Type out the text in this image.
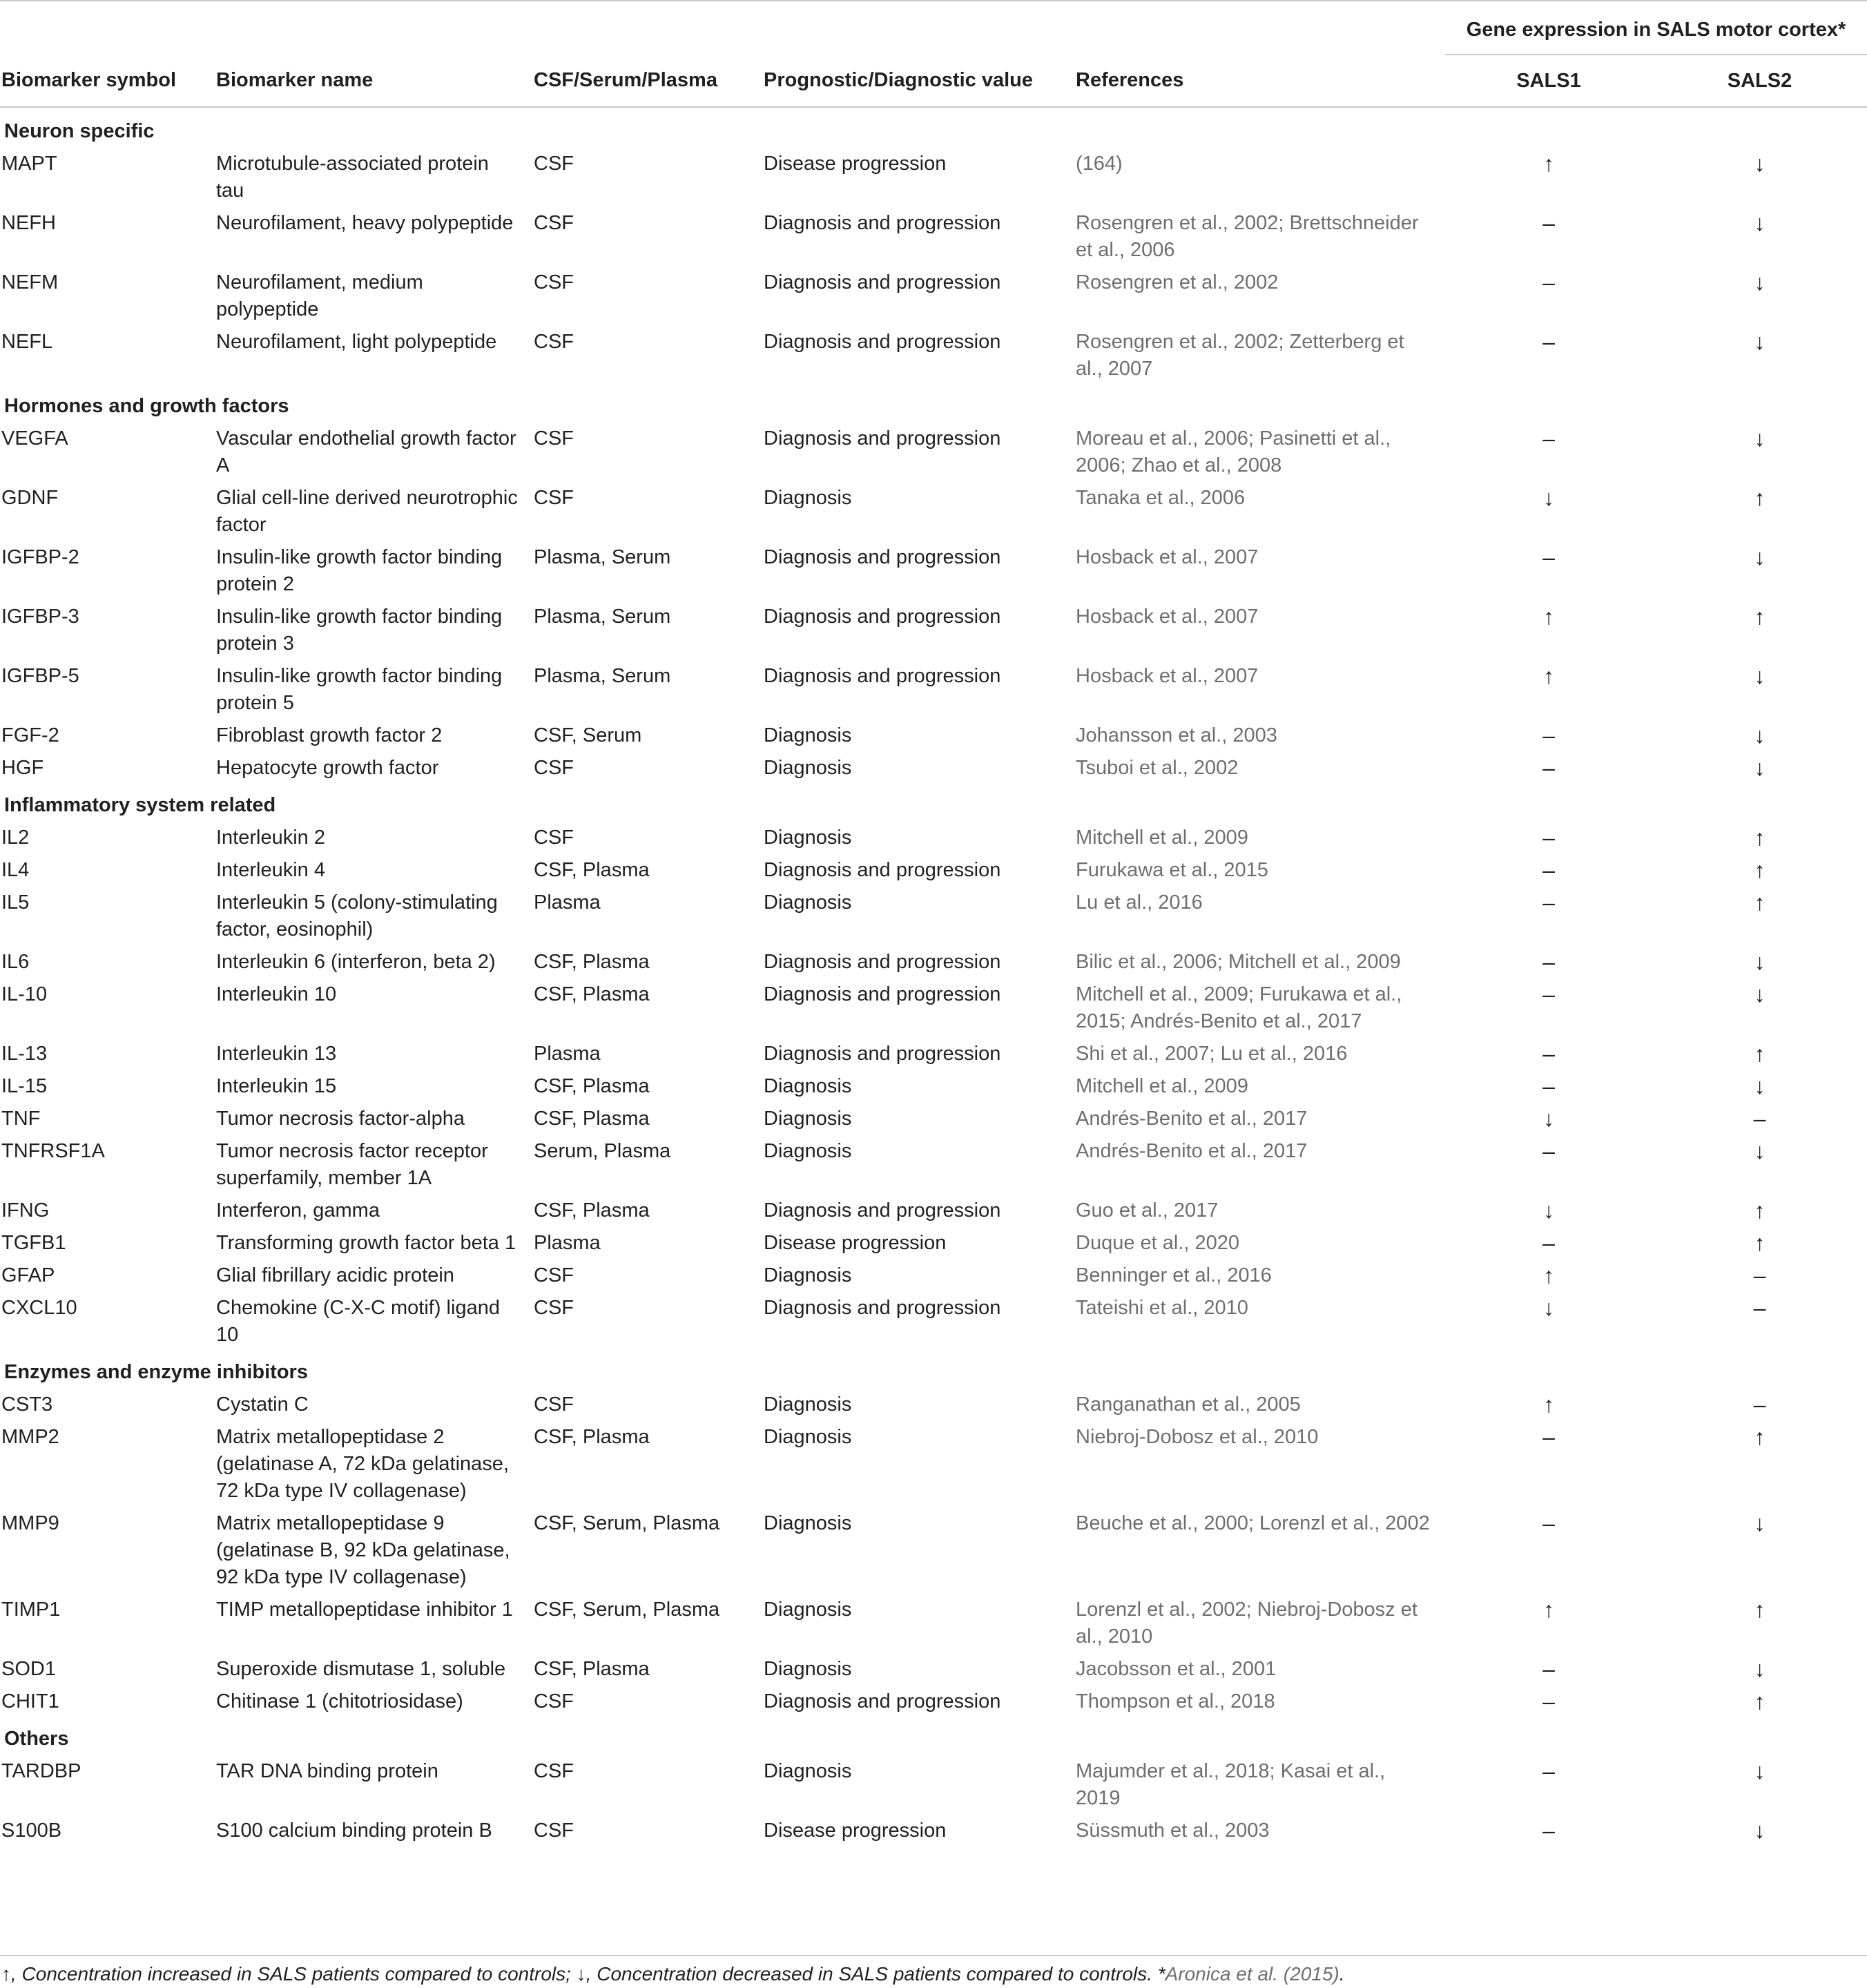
					Gene expression in SALS motor cortex*	
Biomarker symbol	Biomarker name	CSF/Serum/Plasma	Prognostic/Diagnostic value	References	SALS1	SALS2
Neuron specific						
MAPT	Microtubule-associated protein tau	CSF	Disease progression	(164)	↑	↓
NEFH	Neurofilament, heavy polypeptide	CSF	Diagnosis and progression	Rosengren et al., 2002; Brettschneider et al., 2006	–	↓
NEFM	Neurofilament, medium polypeptide	CSF	Diagnosis and progression	Rosengren et al., 2002	–	↓
NEFL	Neurofilament, light polypeptide	CSF	Diagnosis and progression	Rosengren et al., 2002; Zetterberg et al., 2007	–	↓
Hormones and growth factors						
VEGFA	Vascular endothelial growth factor A	CSF	Diagnosis and progression	Moreau et al., 2006; Pasinetti et al., 2006; Zhao et al., 2008	–	↓
GDNF	Glial cell-line derived neurotrophic factor	CSF	Diagnosis	Tanaka et al., 2006	↓	↑
IGFBP-2	Insulin-like growth factor binding protein 2	Plasma, Serum	Diagnosis and progression	Hosback et al., 2007	–	↓
IGFBP-3	Insulin-like growth factor binding protein 3	Plasma, Serum	Diagnosis and progression	Hosback et al., 2007	↑	↑
IGFBP-5	Insulin-like growth factor binding protein 5	Plasma, Serum	Diagnosis and progression	Hosback et al., 2007	↑	↓
FGF-2	Fibroblast growth factor 2	CSF, Serum	Diagnosis	Johansson et al., 2003	–	↓
HGF	Hepatocyte growth factor	CSF	Diagnosis	Tsuboi et al., 2002	–	↓
Inflammatory system related						
IL2	Interleukin 2	CSF	Diagnosis	Mitchell et al., 2009	–	↑
IL4	Interleukin 4	CSF, Plasma	Diagnosis and progression	Furukawa et al., 2015	–	↑
IL5	Interleukin 5 (colony-stimulating factor, eosinophil)	Plasma	Diagnosis	Lu et al., 2016	–	↑
IL6	Interleukin 6 (interferon, beta 2)	CSF, Plasma	Diagnosis and progression	Bilic et al., 2006; Mitchell et al., 2009	–	↓
IL-10	Interleukin 10	CSF, Plasma	Diagnosis and progression	Mitchell et al., 2009; Furukawa et al., 2015; Andrés-Benito et al., 2017	–	↓
IL-13	Interleukin 13	Plasma	Diagnosis and progression	Shi et al., 2007; Lu et al., 2016	–	↑
IL-15	Interleukin 15	CSF, Plasma	Diagnosis	Mitchell et al., 2009	–	↓
TNF	Tumor necrosis factor-alpha	CSF, Plasma	Diagnosis	Andrés-Benito et al., 2017	↓	–
TNFRSF1A	Tumor necrosis factor receptor superfamily, member 1A	Serum, Plasma	Diagnosis	Andrés-Benito et al., 2017	–	↓
IFNG	Interferon, gamma	CSF, Plasma	Diagnosis and progression	Guo et al., 2017	↓	↑
TGFB1	Transforming growth factor beta 1	Plasma	Disease progression	Duque et al., 2020	–	↑
GFAP	Glial fibrillary acidic protein	CSF	Diagnosis	Benninger et al., 2016	↑	–
CXCL10	Chemokine (C-X-C motif) ligand 10	CSF	Diagnosis and progression	Tateishi et al., 2010	↓	–
Enzymes and enzyme inhibitors						
CST3	Cystatin C	CSF	Diagnosis	Ranganathan et al., 2005	↑	–
MMP2	Matrix metallopeptidase 2 (gelatinase A, 72 kDa gelatinase, 72 kDa type IV collagenase)	CSF, Plasma	Diagnosis	Niebroj-Dobosz et al., 2010	–	↑
MMP9	Matrix metallopeptidase 9 (gelatinase B, 92 kDa gelatinase, 92 kDa type IV collagenase)	CSF, Serum, Plasma	Diagnosis	Beuche et al., 2000; Lorenzl et al., 2002	–	↓
TIMP1	TIMP metallopeptidase inhibitor 1	CSF, Serum, Plasma	Diagnosis	Lorenzl et al., 2002; Niebroj-Dobosz et al., 2010	↑	↑
SOD1	Superoxide dismutase 1, soluble	CSF, Plasma	Diagnosis	Jacobsson et al., 2001	–	↓
CHIT1	Chitinase 1 (chitotriosidase)	CSF	Diagnosis and progression	Thompson et al., 2018	–	↑
Others						
TARDBP	TAR DNA binding protein	CSF	Diagnosis	Majumder et al., 2018; Kasai et al., 2019	–	↓
S100B	S100 calcium binding protein B	CSF	Disease progression	Süssmuth et al., 2003	–	↓
↑, Concentration increased in SALS patients compared to controls; ↓, Concentration decreased in SALS patients compared to controls. *Aronica et al. (2015).
